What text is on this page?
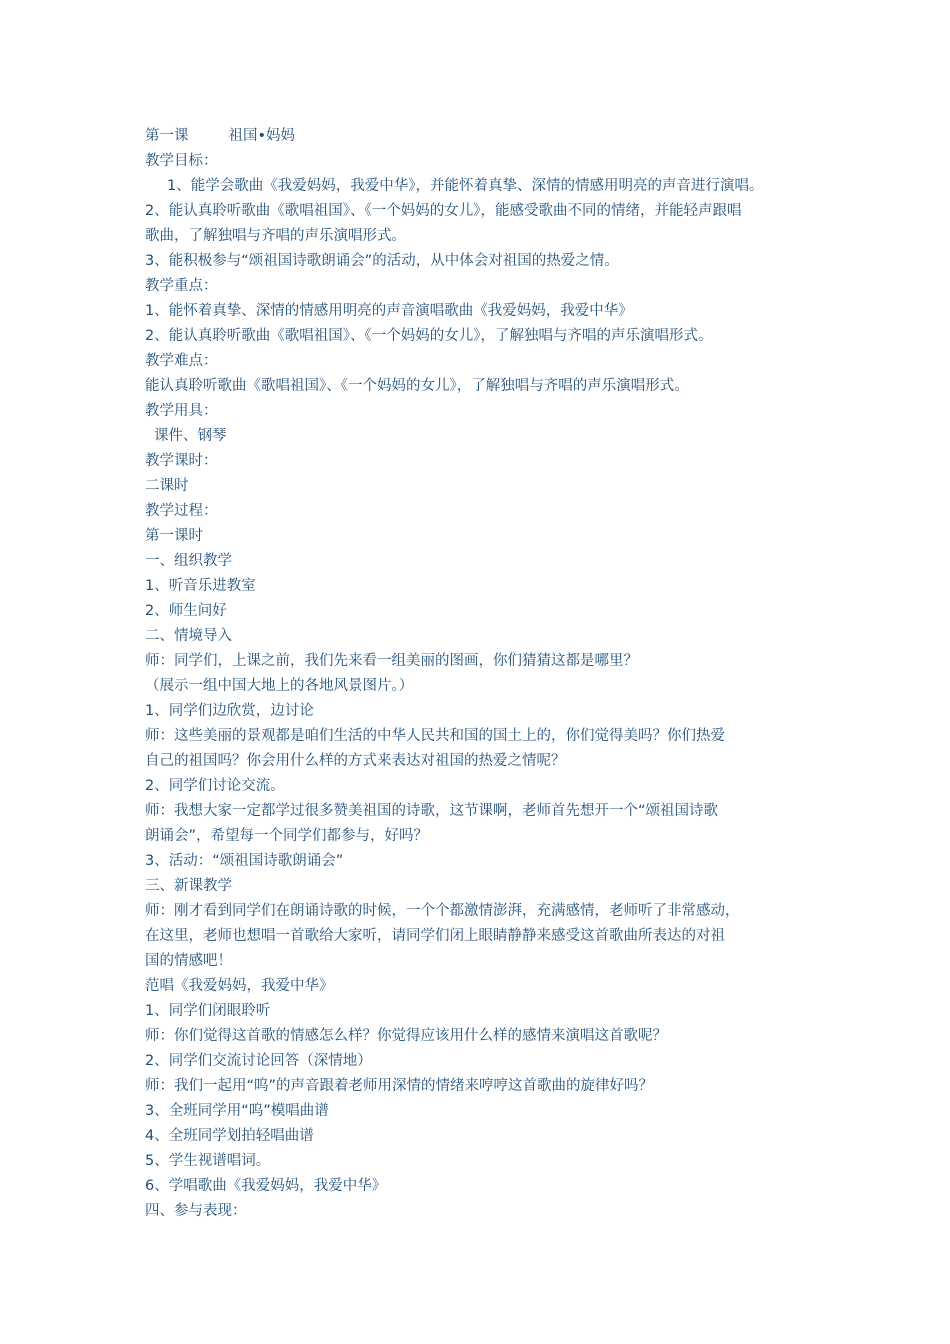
第一课	祖国•妈妈
教学目标：
1、能学会歌曲《我爱妈妈，我爱中华》，并能怀着真挚、深情的情感用明亮的声音进行演唱。
2、能认真聆听歌曲《歌唱祖国》、《一个妈妈的女儿》，能感受歌曲不同的情绪，并能轻声跟唱
歌曲，了解独唱与齐唱的声乐演唱形式。
3、能积极参与“颂祖国诗歌朗诵会”的活动，从中体会对祖国的热爱之情。
教学重点：
1、能怀着真挚、深情的情感用明亮的声音演唱歌曲《我爱妈妈，我爱中华》
2、能认真聆听歌曲《歌唱祖国》、《一个妈妈的女儿》，了解独唱与齐唱的声乐演唱形式。
教学难点：
能认真聆听歌曲《歌唱祖国》、《一个妈妈的女儿》，了解独唱与齐唱的声乐演唱形式。
教学用具：
课件、钢琴
教学课时：
二课时
教学过程：
第一课时
一、组织教学
1、听音乐进教室
2、师生问好
二、情境导入
师：同学们，上课之前，我们先来看一组美丽的图画，你们猜猜这都是哪里？
（展示一组中国大地上的各地风景图片。）
1、同学们边欣赏，边讨论
师：这些美丽的景观都是咱们生活的中华人民共和国的国土上的，你们觉得美吗？你们热爱
自己的祖国吗？你会用什么样的方式来表达对祖国的热爱之情呢？
2、同学们讨论交流。
师：我想大家一定都学过很多赞美祖国的诗歌，这节课啊，老师首先想开一个“颂祖国诗歌
朗诵会”，希望每一个同学们都参与，好吗？
3、活动：“颂祖国诗歌朗诵会”
三、新课教学
师：刚才看到同学们在朗诵诗歌的时候，一个个都激情澎湃，充满感情，老师听了非常感动，
在这里，老师也想唱一首歌给大家听，请同学们闭上眼睛静静来感受这首歌曲所表达的对祖
国的情感吧！
范唱《我爱妈妈，我爱中华》
1、同学们闭眼聆听
师：你们觉得这首歌的情感怎么样？你觉得应该用什么样的感情来演唱这首歌呢？
2、同学们交流讨论回答（深情地）
师：我们一起用“呜”的声音跟着老师用深情的情绪来哼哼这首歌曲的旋律好吗？
3、全班同学用“呜”模唱曲谱
4、全班同学划拍轻唱曲谱
5、学生视谱唱词。
6、学唱歌曲《我爱妈妈，我爱中华》
四、参与表现：
